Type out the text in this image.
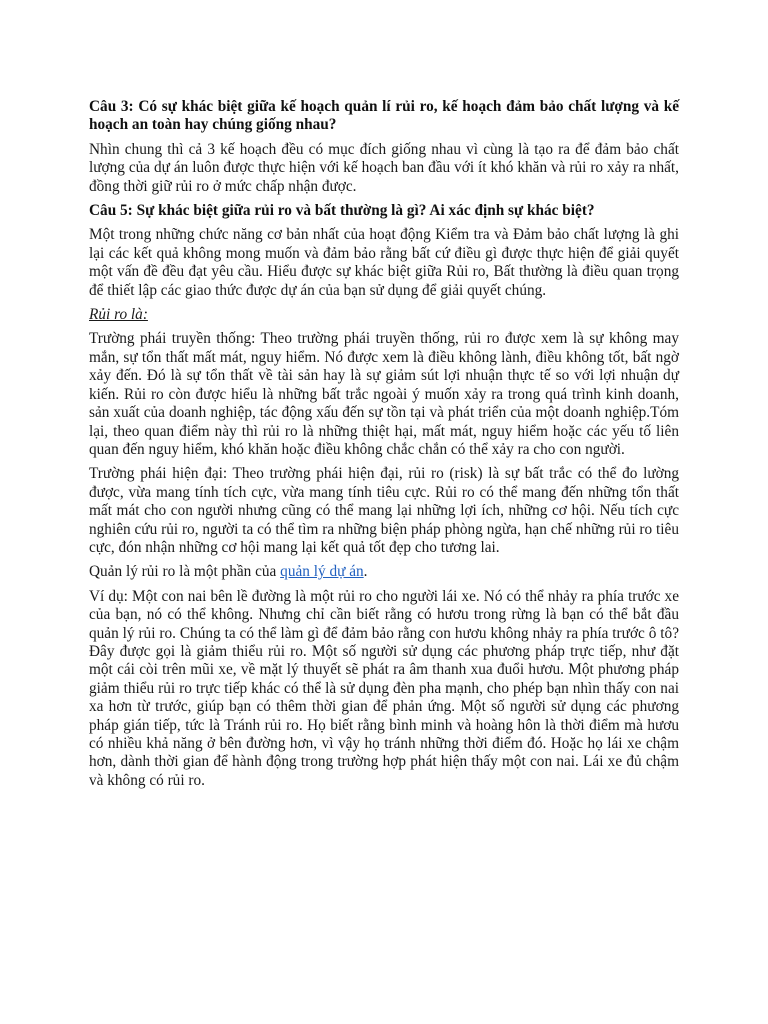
Câu 3: Có sự khác biệt giữa kế hoạch quản lí rủi ro, kế hoạch đảm bảo chất lượng và kế hoạch an toàn hay chúng giống nhau?

Nhìn chung thì cả 3 kế hoạch đều có mục đích giống nhau vì cùng là tạo ra để đảm bảo chất lượng của dự án luôn được thực hiện với kế hoạch ban đầu với ít khó khăn và rủi ro xảy ra nhất, đồng thời giữ rủi ro ở mức chấp nhận được.

Câu 5: Sự khác biệt giữa rủi ro và bất thường là gì? Ai xác định sự khác biệt?

Một trong những chức năng cơ bản nhất của hoạt động Kiểm tra và Đảm bảo chất lượng là ghi lại các kết quả không mong muốn và đảm bảo rằng bất cứ điều gì được thực hiện để giải quyết một vấn đề đều đạt yêu cầu. Hiểu được sự khác biệt giữa Rủi ro, Bất thường là điều quan trọng để thiết lập các giao thức được dự án của bạn sử dụng để giải quyết chúng.

Rủi ro là:

Trường phái truyền thống: Theo trường phái truyền thống, rủi ro được xem là sự không may mắn, sự tổn thất mất mát, nguy hiểm. Nó được xem là điều không lành, điều không tốt, bất ngờ xảy đến. Đó là sự tổn thất về tài sản hay là sự giảm sút lợi nhuận thực tế so với lợi nhuận dự kiến. Rủi ro còn được hiểu là những bất trắc ngoài ý muốn xảy ra trong quá trình kinh doanh, sản xuất của doanh nghiệp, tác động xấu đến sự tồn tại và phát triển của một doanh nghiệp.Tóm lại, theo quan điểm này thì rủi ro là những thiệt hại, mất mát, nguy hiểm hoặc các yếu tố liên quan đến nguy hiểm, khó khăn hoặc điều không chắc chắn có thể xảy ra cho con người.

Trường phái hiện đại: Theo trường phái hiện đại, rủi ro (risk) là sự bất trắc có thể đo lường được, vừa mang tính tích cực, vừa mang tính tiêu cực. Rủi ro có thể mang đến những tổn thất mất mát cho con người nhưng cũng có thể mang lại những lợi ích, những cơ hội. Nếu tích cực nghiên cứu rủi ro, người ta có thể tìm ra những biện pháp phòng ngừa, hạn chế những rủi ro tiêu cực, đón nhận những cơ hội mang lại kết quả tốt đẹp cho tương lai.

Quản lý rủi ro là một phần của quản lý dự án.

Ví dụ: Một con nai bên lề đường là một rủi ro cho người lái xe. Nó có thể nhảy ra phía trước xe của bạn, nó có thể không. Nhưng chỉ cần biết rằng có hươu trong rừng là bạn có thể bắt đầu quản lý rủi ro. Chúng ta có thể làm gì để đảm bảo rằng con hươu không nhảy ra phía trước ô tô? Đây được gọi là giảm thiểu rủi ro. Một số người sử dụng các phương pháp trực tiếp, như đặt một cái còi trên mũi xe, về mặt lý thuyết sẽ phát ra âm thanh xua đuổi hươu. Một phương pháp giảm thiểu rủi ro trực tiếp khác có thể là sử dụng đèn pha mạnh, cho phép bạn nhìn thấy con nai xa hơn từ trước, giúp bạn có thêm thời gian để phản ứng. Một số người sử dụng các phương pháp gián tiếp, tức là Tránh rủi ro. Họ biết rằng bình minh và hoàng hôn là thời điểm mà hươu có nhiều khả năng ở bên đường hơn, vì vậy họ tránh những thời điểm đó. Hoặc họ lái xe chậm hơn, dành thời gian để hành động trong trường hợp phát hiện thấy một con nai. Lái xe đủ chậm và không có rủi ro.
